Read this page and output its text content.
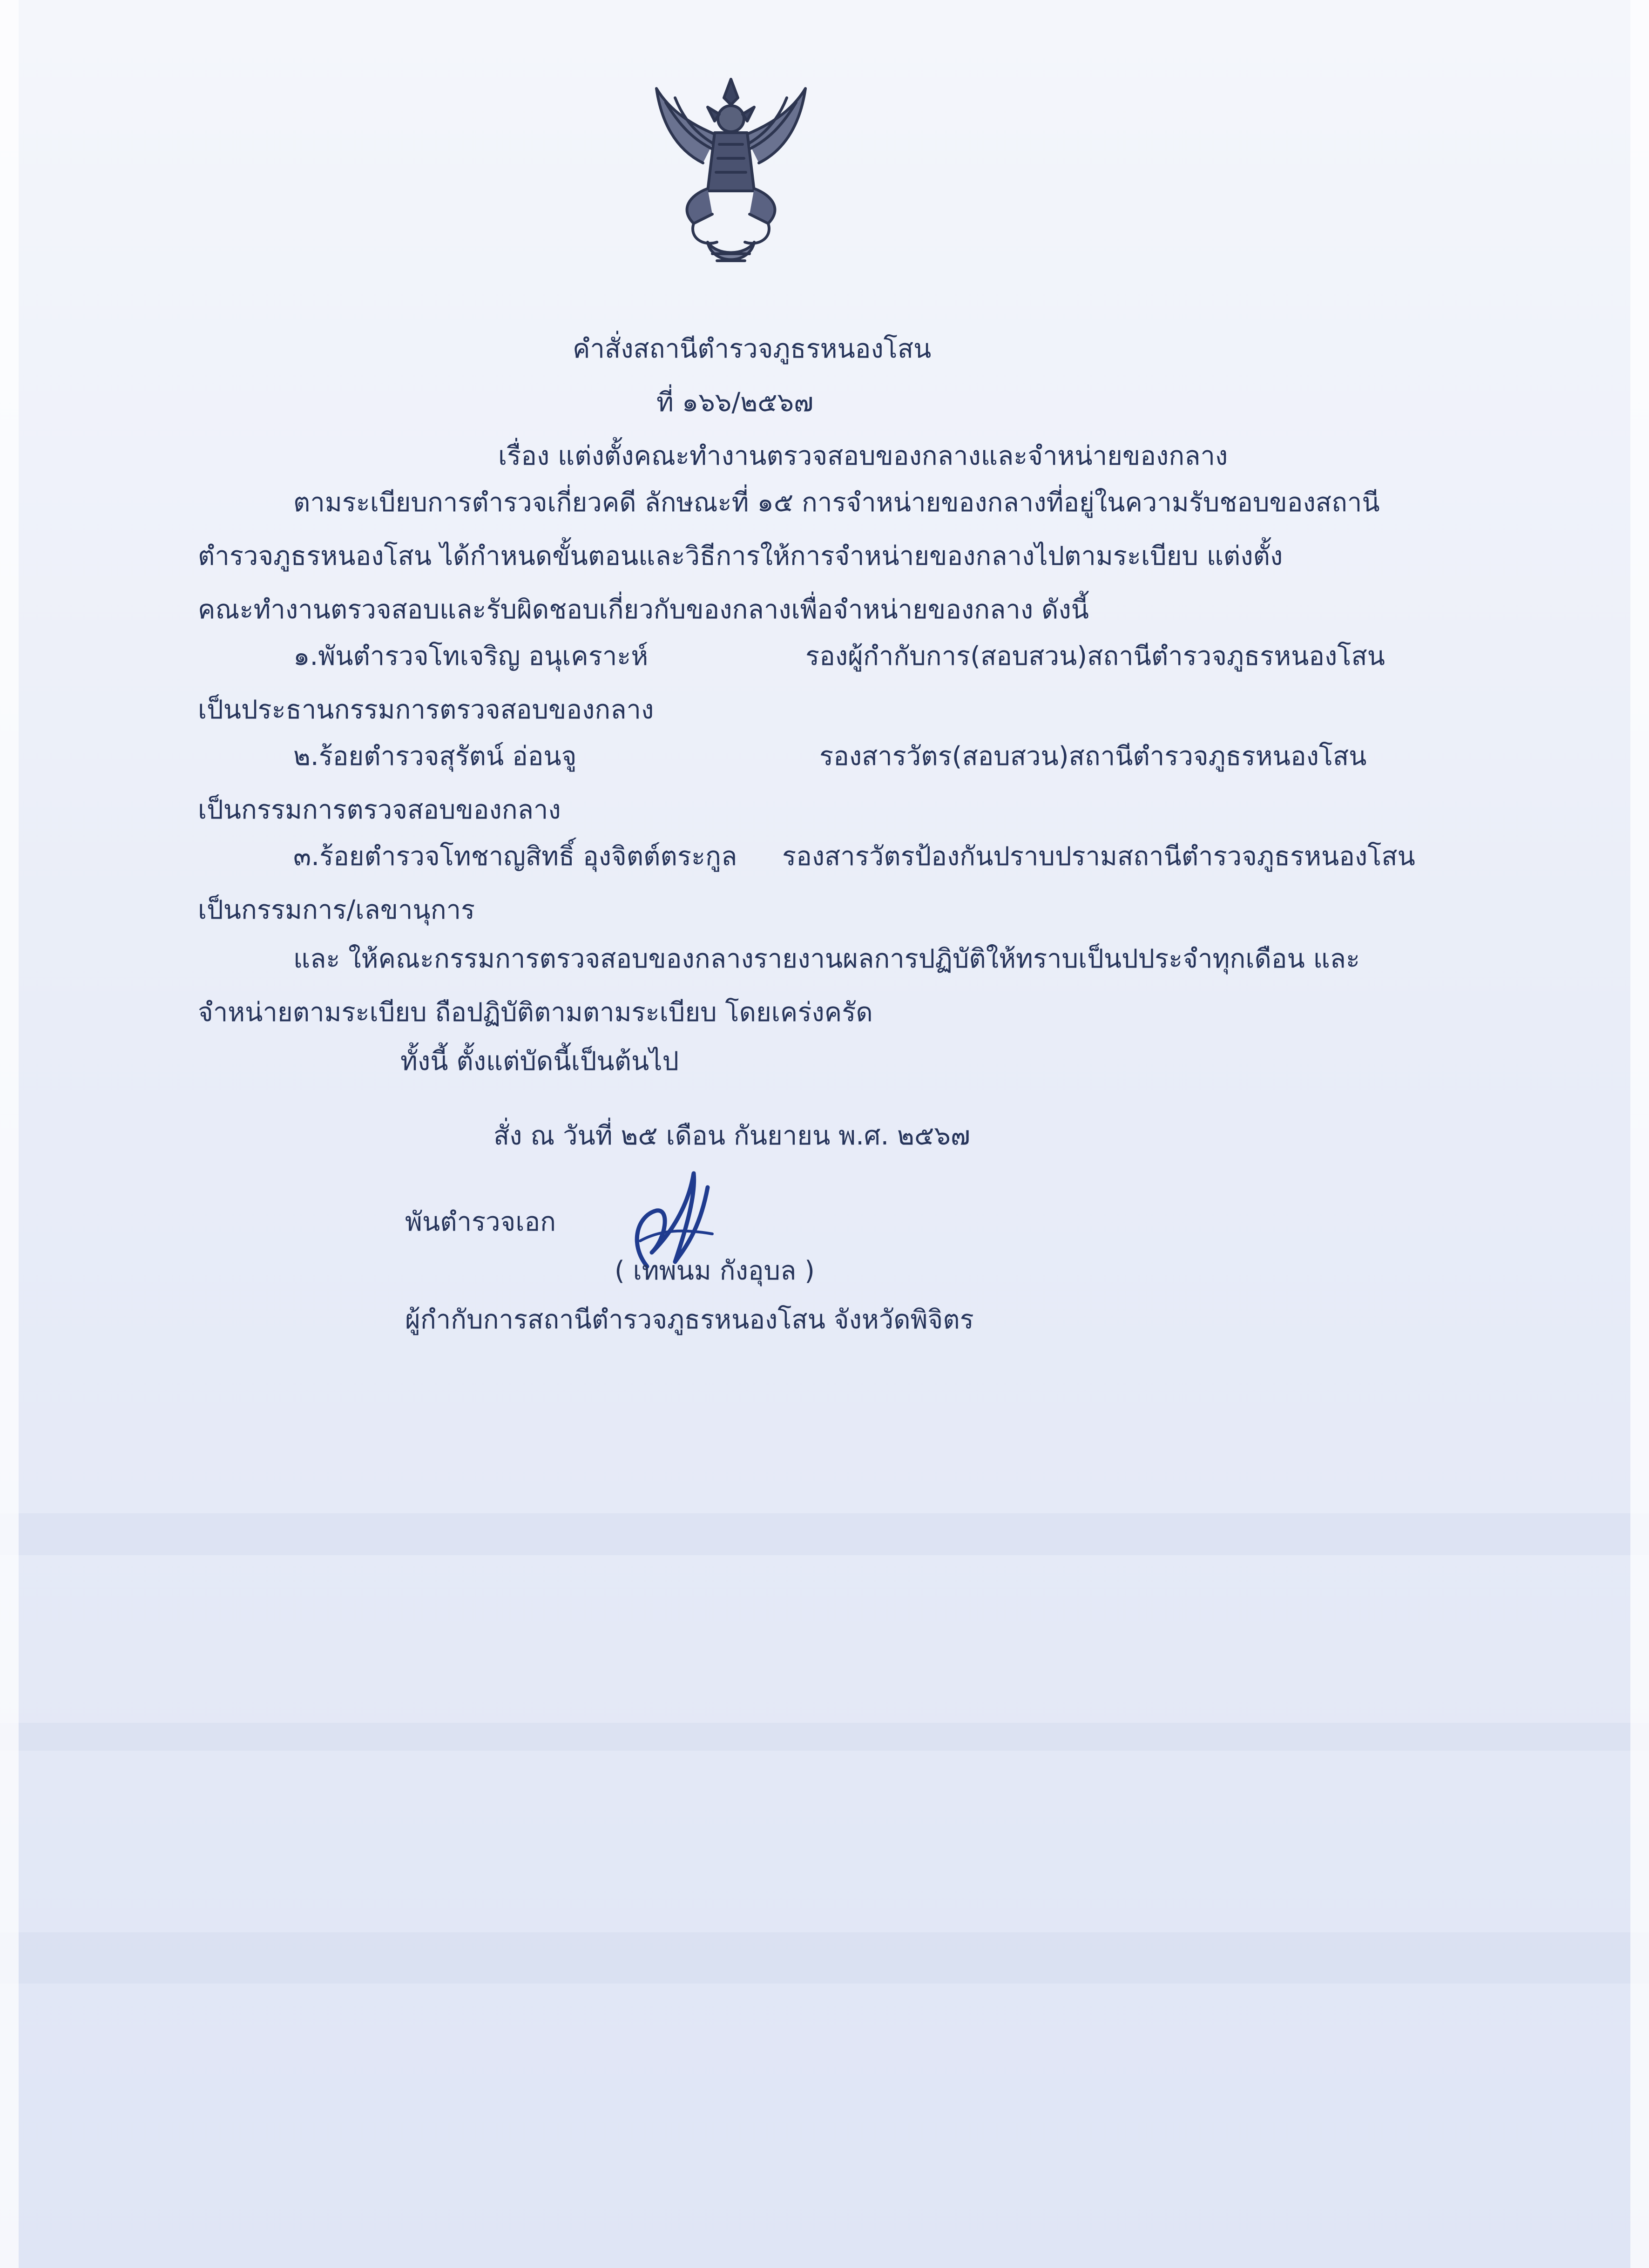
คำสั่งสถานีตำรวจภูธรหนองโสน
ที่ ๑๖๖/๒๕๖๗
เรื่อง แต่งตั้งคณะทำงานตรวจสอบของกลางและจำหน่ายของกลาง
ตามระเบียบการตำรวจเกี่ยวคดี ลักษณะที่ ๑๕ การจำหน่ายของกลางที่อยู่ในความรับชอบของสถานี
ตำรวจภูธรหนองโสน ได้กำหนดขั้นตอนและวิธีการให้การจำหน่ายของกลางไปตามระเบียบ แต่งตั้ง
คณะทำงานตรวจสอบและรับผิดชอบเกี่ยวกับของกลางเพื่อจำหน่ายของกลาง ดังนี้
๑.พันตำรวจโทเจริญ อนุเคราะห์	รองผู้กำกับการ(สอบสวน)สถานีตำรวจภูธรหนองโสน
เป็นประธานกรรมการตรวจสอบของกลาง
๒.ร้อยตำรวจสุรัตน์ อ่อนจู	รองสารวัตร(สอบสวน)สถานีตำรวจภูธรหนองโสน
เป็นกรรมการตรวจสอบของกลาง
๓.ร้อยตำรวจโทชาญสิทธิ์ อุงจิตต์ตระกูล รองสารวัตรป้องกันปราบปรามสถานีตำรวจภูธรหนองโสน
เป็นกรรมการ/เลขานุการ
และ ให้คณะกรรมการตรวจสอบของกลางรายงานผลการปฏิบัติให้ทราบเป็นปประจำทุกเดือน และ
จำหน่ายตามระเบียบ ถือปฏิบัติตามตามระเบียบ โดยเคร่งครัด
ทั้งนี้ ตั้งแต่บัดนี้เป็นต้นไป
สั่ง ณ วันที่ ๒๕ เดือน กันยายน พ.ศ. ๒๕๖๗
พันตำรวจเอก
( เทพนม กังอุบล )
ผู้กำกับการสถานีตำรวจภูธรหนองโสน จังหวัดพิจิตร
